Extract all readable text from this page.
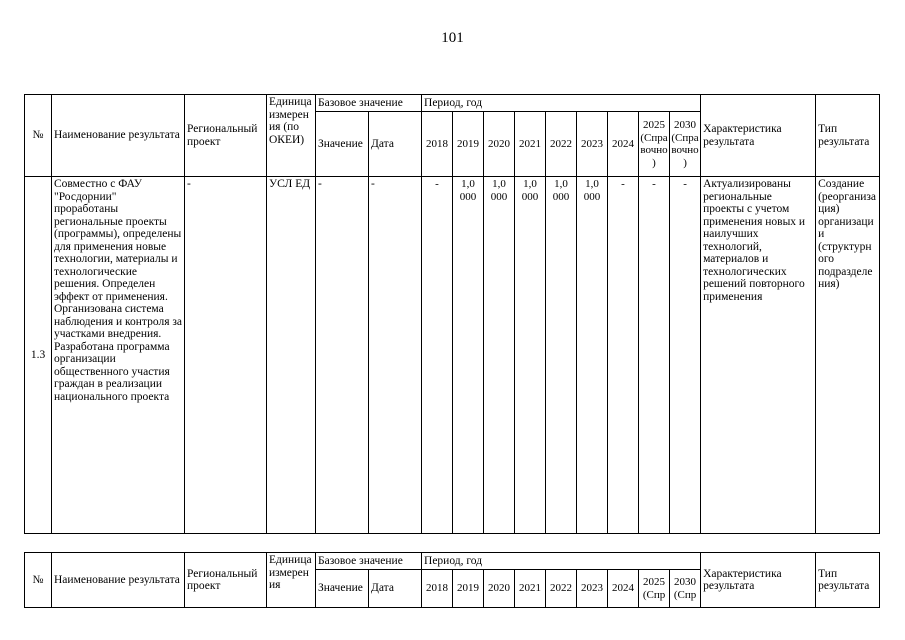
101
№	Наименование результата	Региональный проект	Единица измерения (по ОКЕИ)	Базовое значение		Период, год									Характеристика результата	Тип результата
				Значение	Дата	2018	2019	2020	2021	2022	2023	2024	2025 (Справочно)	2030 (Справочно)		
1.3	Совместно с ФАУ "Росдорнии" проработаны региональные проекты (программы), определены для применения новые технологии, материалы и технологические решения. Определен эффект от применения. Организована система наблюдения и контроля за участками внедрения. Разработана программа организации общественного участия граждан в реализации национального проекта	-	УСЛ ЕД	-	-	-	1,0 000	1,0 000	1,0 000	1,0 000	1,0 000	-	-	-	Актуализированы региональные проекты с учетом применения новых и наилучших технологий, материалов и технологических решений повторного применения	Создание (реорганизация) организации (структурного подразделения)
№	Наименование результата	Региональный проект	Единица измерен ия	Базовое значение		Период, год									Характеристика результата	Тип результата
				Значение	Дата	2018	2019	2020	2021	2022	2023	2024	2025 (Спр	2030 (Спр		
